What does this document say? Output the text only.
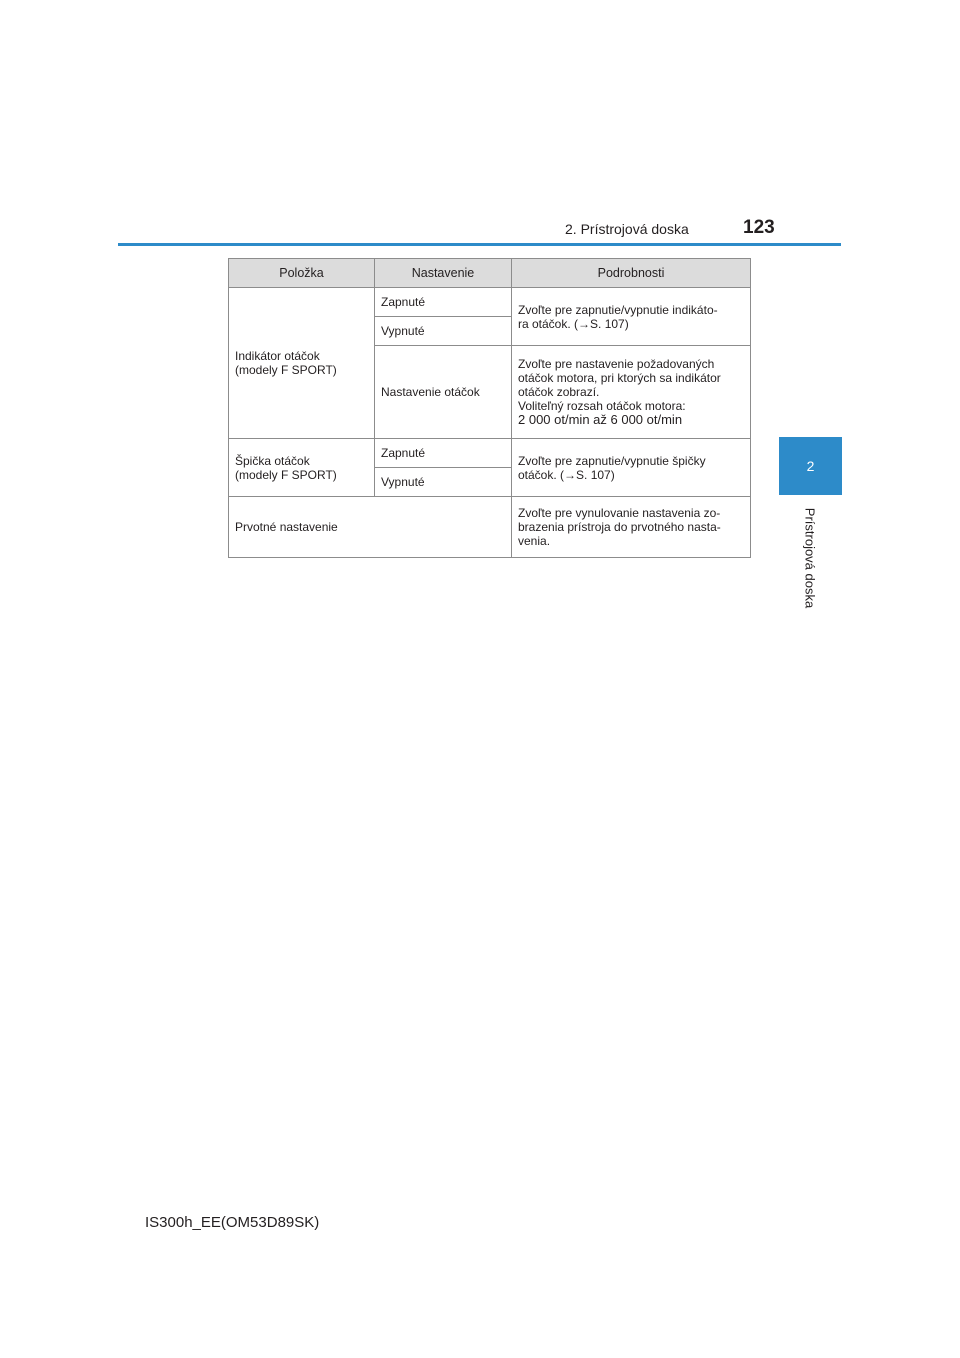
2. Prístrojová doska	123
2
Prístrojová doska
Položka	Nastavenie	Podrobnosti

Indikátor otáčok
(modely F SPORT)	Zapnuté	Zvoľte pre zapnutie/vypnutie indikáto-
ra otáčok. (→S. 107)

	Vypnuté	
	Nastavenie otáčok	Zvoľte pre nastavenie požadovaných
otáčok motora, pri ktorých sa indikátor
otáčok zobrazí.
Voliteľný rozsah otáčok motora:
2 000 ot/min až 6 000 ot/min

Špička otáčok
(modely F SPORT)	Zapnuté	Zvoľte pre zapnutie/vypnutie špičky
otáčok. (→S. 107)

	Vypnuté	
Prvotné nastavenie		Zvoľte pre vynulovanie nastavenia zo-
brazenia prístroja do prvotného nasta-
venia.
IS300h_EE(OM53D89SK)
